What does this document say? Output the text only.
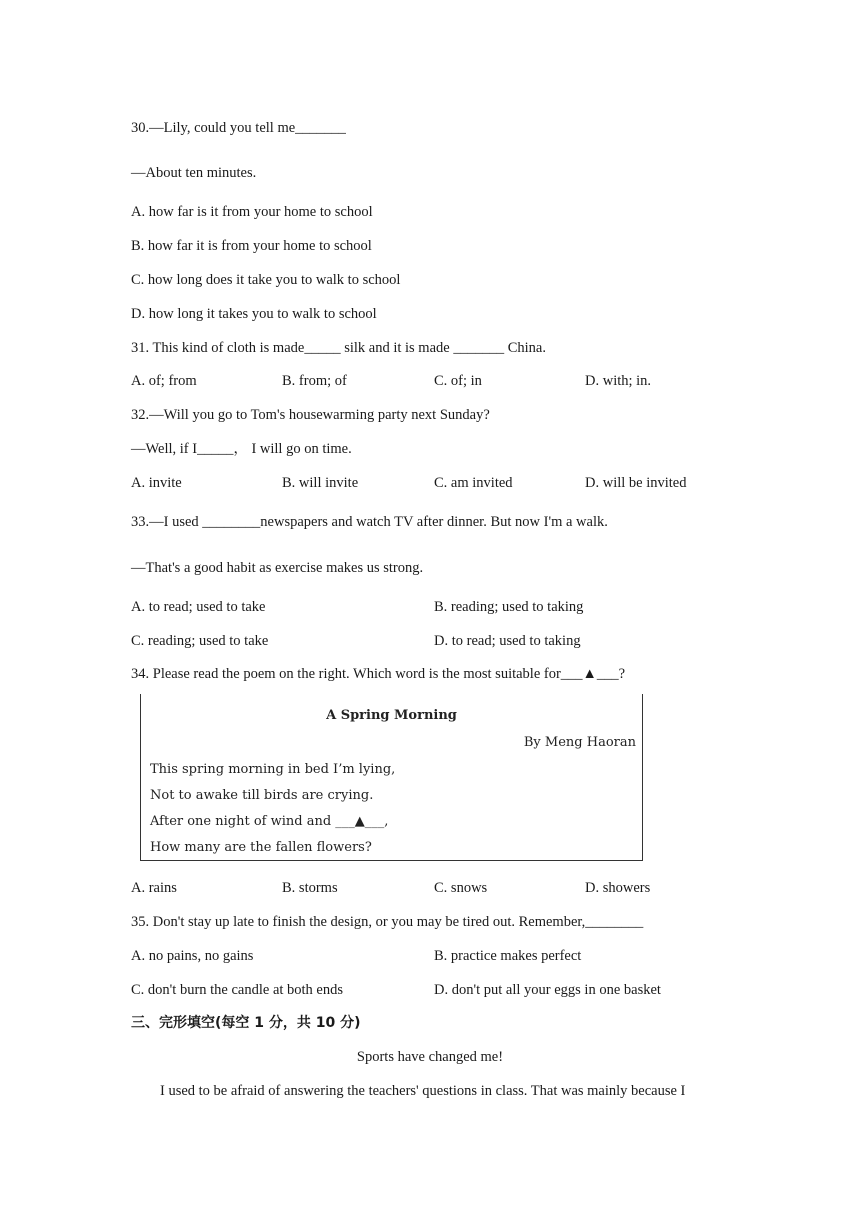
30.—Lily, could you tell me_______
—About ten minutes.
A. how far is it from your home to school
B. how far it is from your home to school
C. how long does it take you to walk to school
D. how long it takes you to walk to school
31. This kind of cloth is made_____ silk and it is made _______ China.
A. of; from	B. from; of	C. of; in	D. with; in.
32.—Will you go to Tom's housewarming party next Sunday?
—Well, if I_____， I will go on time.
A. invite	B. will invite	C. am invited	D. will be invited
33.—I used ________newspapers and watch TV after dinner. But now I'm a walk.
—That's a good habit as exercise makes us strong.
A. to read; used to take	B. reading; used to taking
C. reading; used to take	D. to read; used to taking
34. Please read the poem on the right. Which word is the most suitable for___▲___?
A Spring Morning
By Meng Haoran
This spring morning in bed I’m lying,
Not to awake till birds are crying.
After one night of wind and ___▲___,
How many are the fallen flowers?
A. rains	B. storms	C. snows	D. showers
35. Don't stay up late to finish the design, or you may be tired out. Remember,________
A. no pains, no gains	B. practice makes perfect
C. don't burn the candle at both ends	D. don't put all your eggs in one basket
三、完形填空(每空 1 分，共 10 分)
Sports have changed me!
I used to be afraid of answering the teachers' questions in class. That was mainly because I
